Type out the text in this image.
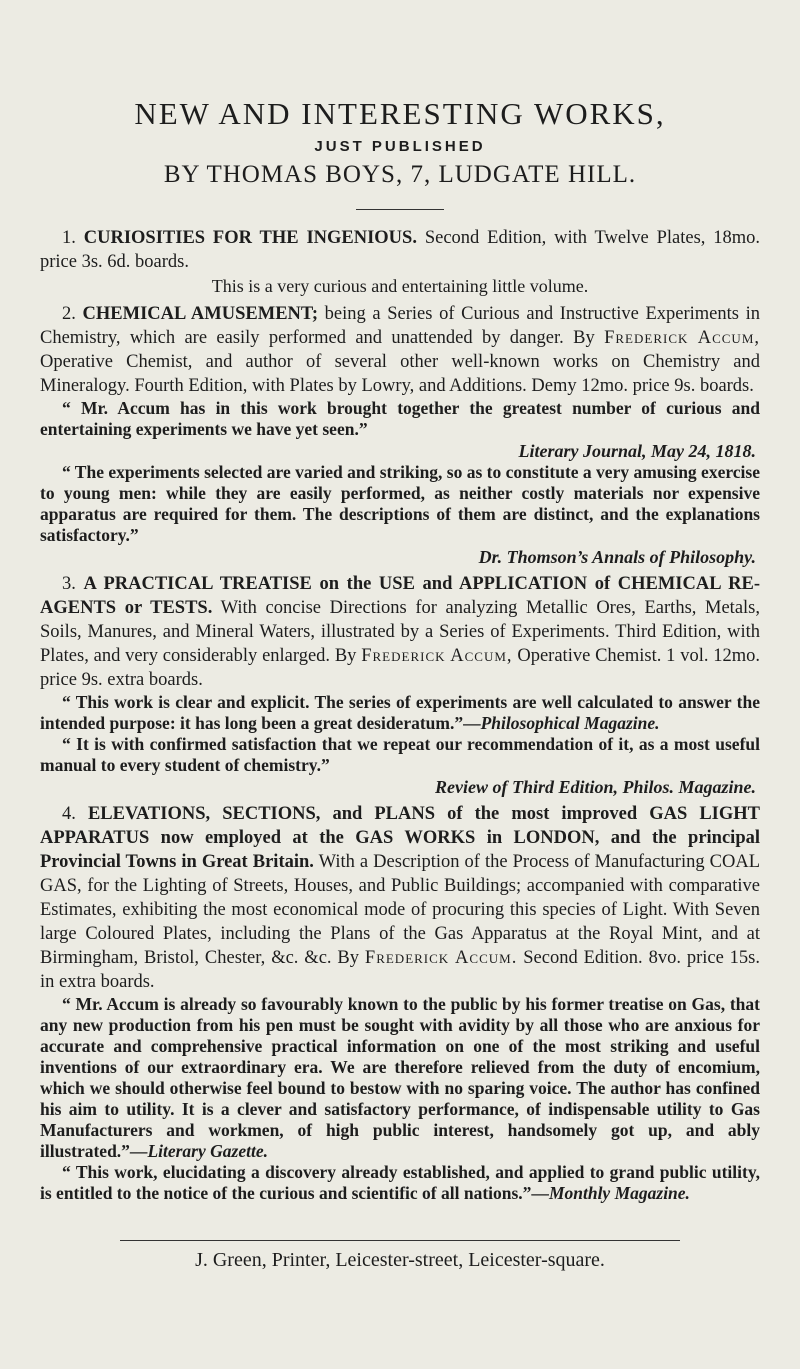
NEW AND INTERESTING WORKS,
JUST PUBLISHED
BY THOMAS BOYS, 7, LUDGATE HILL.

1. CURIOSITIES FOR THE INGENIOUS. Second Edition, with Twelve Plates, 18mo. price 3s. 6d. boards.

This is a very curious and entertaining little volume.

2. CHEMICAL AMUSEMENT; being a Series of Curious and Instructive Experiments in Chemistry, which are easily performed and unattended by danger. By Frederick Accum, Operative Chemist, and author of several other well-known works on Chemistry and Mineralogy. Fourth Edition, with Plates by Lowry, and Additions. Demy 12mo. price 9s. boards.

“ Mr. Accum has in this work brought together the greatest number of curious and entertaining experiments we have yet seen.”

Literary Journal, May 24, 1818.

“ The experiments selected are varied and striking, so as to constitute a very amusing exercise to young men: while they are easily performed, as neither costly materials nor expensive apparatus are required for them. The descriptions of them are distinct, and the explanations satisfactory.”

Dr. Thomson’s Annals of Philosophy.

3. A PRACTICAL TREATISE on the USE and APPLICATION of CHEMICAL RE-AGENTS or TESTS. With concise Directions for analyzing Metallic Ores, Earths, Metals, Soils, Manures, and Mineral Waters, illustrated by a Series of Experiments. Third Edition, with Plates, and very considerably enlarged. By Frederick Accum, Operative Chemist. 1 vol. 12mo. price 9s. extra boards.

“ This work is clear and explicit. The series of experiments are well calculated to answer the intended purpose: it has long been a great desideratum.”—Philosophical Magazine.

“ It is with confirmed satisfaction that we repeat our recommendation of it, as a most useful manual to every student of chemistry.”

Review of Third Edition, Philos. Magazine.

4. ELEVATIONS, SECTIONS, and PLANS of the most improved GAS LIGHT APPARATUS now employed at the GAS WORKS in LONDON, and the principal Provincial Towns in Great Britain. With a Description of the Process of Manufacturing COAL GAS, for the Lighting of Streets, Houses, and Public Buildings; accompanied with comparative Estimates, exhibiting the most economical mode of procuring this species of Light. With Seven large Coloured Plates, including the Plans of the Gas Apparatus at the Royal Mint, and at Birmingham, Bristol, Chester, &c. &c. By Frederick Accum. Second Edition. 8vo. price 15s. in extra boards.

“ Mr. Accum is already so favourably known to the public by his former treatise on Gas, that any new production from his pen must be sought with avidity by all those who are anxious for accurate and comprehensive practical information on one of the most striking and useful inventions of our extraordinary era. We are therefore relieved from the duty of encomium, which we should otherwise feel bound to bestow with no sparing voice. The author has confined his aim to utility. It is a clever and satisfactory performance, of indispensable utility to Gas Manufacturers and workmen, of high public interest, handsomely got up, and ably illustrated.”—Literary Gazette.

“ This work, elucidating a discovery already established, and applied to grand public utility, is entitled to the notice of the curious and scientific of all nations.”—Monthly Magazine.

J. Green, Printer, Leicester-street, Leicester-square.
